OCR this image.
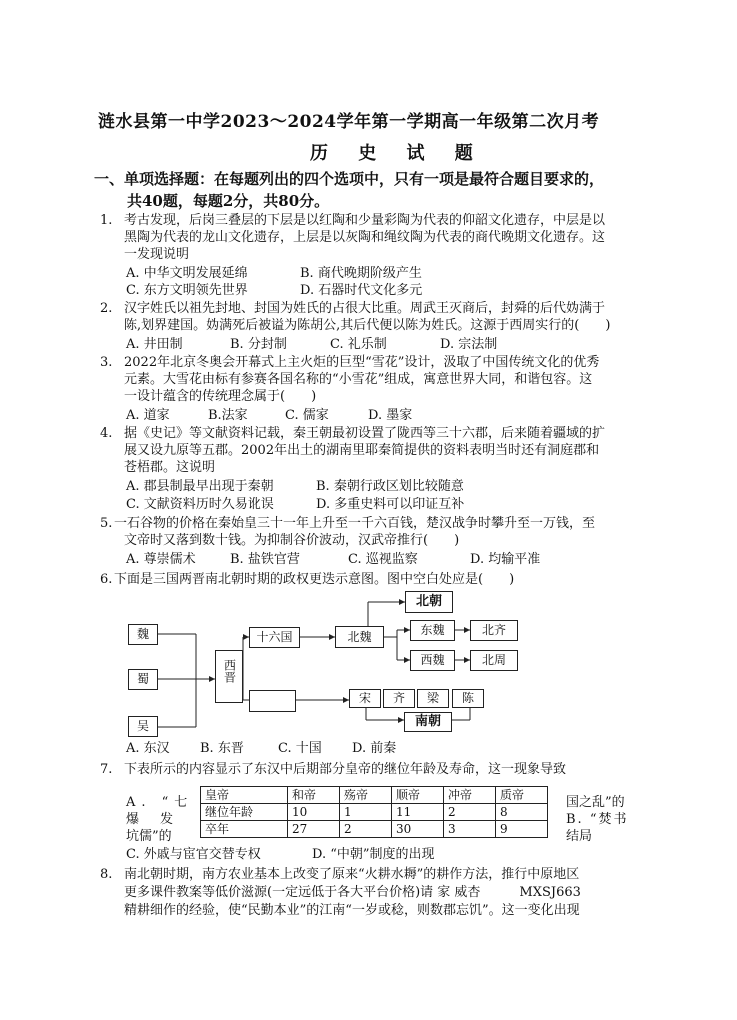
涟水县第一中学2023～2024学年第一学期高一年级第二次月考
历 史 试 题
一、单项选择题：在每题列出的四个选项中，只有一项是最符合题目要求的，
共40题，每题2分，共80分。
1. 考古发现，后岗三叠层的下层是以红陶和少量彩陶为代表的仰韶文化遗存，中层是以
黑陶为代表的龙山文化遗存，上层是以灰陶和绳纹陶为代表的商代晚期文化遗存。这
一发现说明
A. 中华文明发展延绵	B. 商代晚期阶级产生
C. 东方文明领先世界	D. 石器时代文化多元
2. 汉字姓氏以祖先封地、封国为姓氏的占很大比重。周武王灭商后，封舜的后代妫满于
陈,划界建国。妫满死后被谥为陈胡公,其后代便以陈为姓氏。这源于西周实行的(　　)
A. 井田制	B. 分封制	C. 礼乐制	D. 宗法制
3. 2022年北京冬奥会开幕式上主火炬的巨型“雪花”设计，汲取了中国传统文化的优秀
元素。大雪花由标有参赛各国名称的“小雪花”组成，寓意世界大同，和谐包容。这
一设计蕴含的传统理念属于(　　)
A. 道家	B.法家	C. 儒家	D. 墨家
4. 据《史记》等文献资料记载，秦王朝最初设置了陇西等三十六郡，后来随着疆域的扩
展又设九原等五郡。2002年出土的湖南里耶秦简提供的资料表明当时还有洞庭郡和
苍梧郡。这说明
A. 郡县制最早出现于秦朝	B. 秦朝行政区划比较随意
C. 文献资料历时久易讹误	D. 多重史料可以印证互补
5. 一石谷物的价格在秦始皇三十一年上升至一千六百钱，楚汉战争时攀升至一万钱，至
文帝时又落到数十钱。为抑制谷价波动，汉武帝推行(　　)
A. 尊崇儒术	B. 盐铁官营	C. 巡视监察	D. 均输平准
6. 下面是三国两晋南北朝时期的政权更迭示意图。图中空白处应是(　　)
魏
蜀
吴
西晋
十六国	北魏
北朝
东魏
西魏
北齐
北周
宋	齐	梁	陈
南朝
A. 东汉 B. 东晋	C. 十国 D. 前秦
7. 下表所示的内容显示了东汉中后期部分皇帝的继位年龄及寿命，这一现象导致
A. “七
爆　发
坑儒”的
皇帝	和帝	殇帝	顺帝	冲帝	质帝
继位年龄	10	1	11	2	8
卒年	27	2	30	3	9
国之乱”的
B. “焚书
结局
C. 外戚与宦官交替专权	D. “中朝”制度的出现
8. 南北朝时期，南方农业基本上改变了原来“火耕水耨”的耕作方法，推行中原地区
更多课件教案等低价滋源(一定远低于各大平台价格)请 家 威杏　　　MXSJ663
精耕细作的经验，使“民勤本业”的江南“一岁或稔，则数郡忘饥”。这一变化出现
